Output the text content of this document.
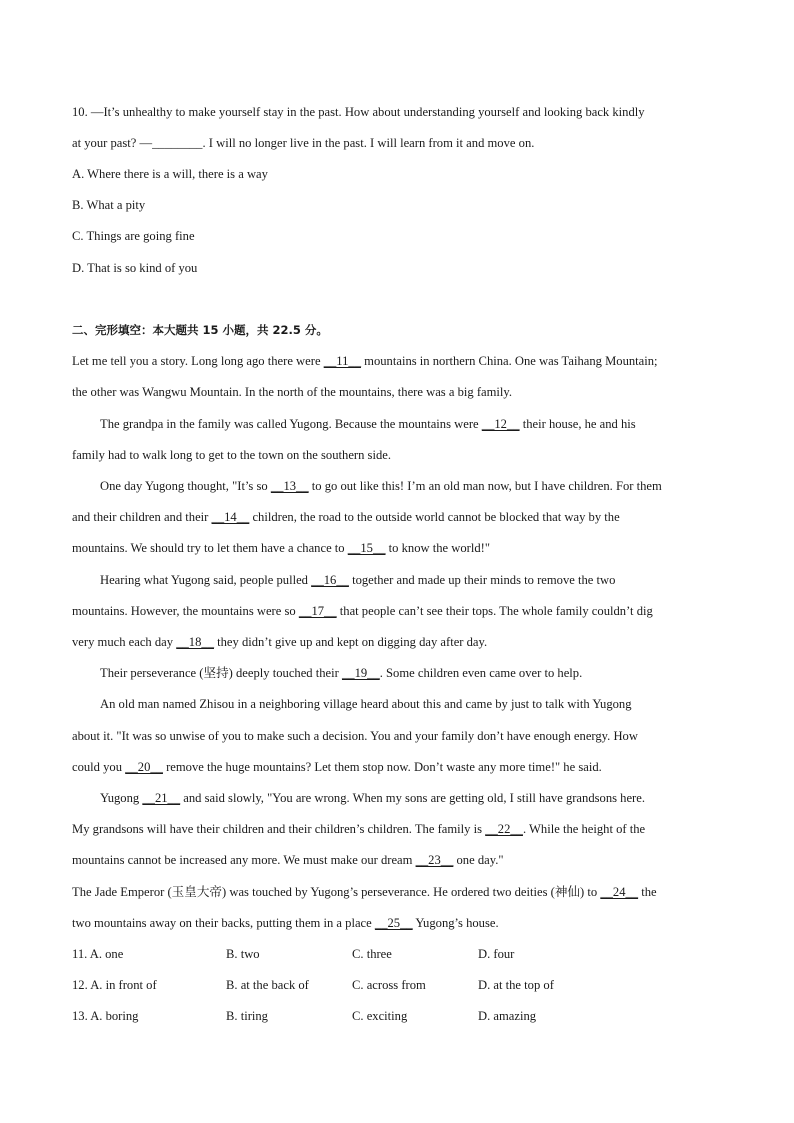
10. —It’s unhealthy to make yourself stay in the past. How about understanding yourself and looking back kindly
at your past? —________. I will no longer live in the past. I will learn from it and move on.
A. Where there is a will, there is a way
B. What a pity
C. Things are going fine
D. That is so kind of you
二、完形填空：本大题共 15 小题，共 22.5 分。
Let me tell you a story. Long long ago there were __11__ mountains in northern China. One was Taihang Mountain;
the other was Wangwu Mountain. In the north of the mountains, there was a big family.
The grandpa in the family was called Yugong. Because the mountains were __12__ their house, he and his
family had to walk long to get to the town on the southern side.
One day Yugong thought, "It’s so __13__ to go out like this! I’m an old man now, but I have children. For them
and their children and their __14__ children, the road to the outside world cannot be blocked that way by the
mountains. We should try to let them have a chance to __15__ to know the world!"
Hearing what Yugong said, people pulled __16__ together and made up their minds to remove the two
mountains. However, the mountains were so __17__ that people can’t see their tops. The whole family couldn’t dig
very much each day __18__ they didn’t give up and kept on digging day after day.
Their perseverance (坚持) deeply touched their __19__. Some children even came over to help.
An old man named Zhisou in a neighboring village heard about this and came by just to talk with Yugong
about it. "It was so unwise of you to make such a decision. You and your family don’t have enough energy. How
could you __20__ remove the huge mountains? Let them stop now. Don’t waste any more time!" he said.
Yugong __21__ and said slowly, "You are wrong. When my sons are getting old, I still have grandsons here.
My grandsons will have their children and their children’s children. The family is __22__. While the height of the
mountains cannot be increased any more. We must make our dream __23__ one day."
The Jade Emperor (玉皇大帝) was touched by Yugong’s perseverance. He ordered two deities (神仙) to __24__ the
two mountains away on their backs, putting them in a place __25__ Yugong’s house.
11. A. one	B. two	C. three	D. four
12. A. in front of	B. at the back of	C. across from	D. at the top of
13. A. boring	B. tiring	C. exciting	D. amazing
